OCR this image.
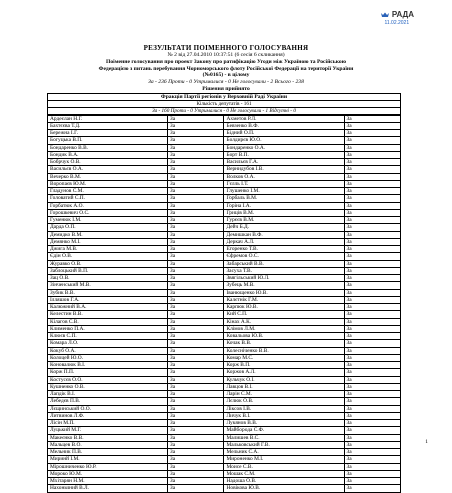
РАДА
11.02.2021
РЕЗУЛЬТАТИ ПОІМЕННОГО ГОЛОСУВАННЯ
№ 2 від 27.04.2010 10:37:51 (6 сесія 6 скликання)
Поіменне голосування про проект Закону про ратифікацію Угоди між Україною та Російською
Федерацією з питань перебування Чорноморського флоту Російської Федерації на території України
(№0165) - в цілому
За - 236 Проти - 0 Утрималися - 0 Не голосували - 2 Всього - 238
Рішення прийнято
Фракція Партії регіонів у Верховній Раді України
Кількість депутатів - 161
За - 160 Проти - 0 Утрималися - 0 Не голосували - 1 Відсутні - 0
Ардеєлан Н.Г.	За	Ахметов Р.Л.	За
Бахтєєва Т.Д.	За	Бевзенко В.Ф.	За
Бережна І.Г.	За	Бідний О.П.	За
Богуцька В.П.	За	Болдирєв Ю.О.	За
Бондаренко В.В.	За	Бондаренко О.А.	За
Бондик В.А.	За	Борт В.П.	За
Бобрчук О.В.	За	Васильєв Г.А.	За
Васильєв О.А.	За	Вернидубов І.В.	За
Вечерко В.М.	За	Волков О.А.	За
Воропаєв Ю.М.	За	Гєлль І.Т.	За
Гладунов С.М.	За	Глушенко І.М.	За
Головатий С.П.	За	Горбаль В.М.	За
Горбатюк А.О.	За	Горіна І.А.	За
Горошкевич О.С.	За	Гриців В.М.	За
Гуменюк І.М.	За	Гурєєв В.М.	За
Дарда О.П.	За	Дейч Б.Д.	За
Демидко В.М.	За	Демишкан В.Ф.	За
Демянко М.І.	За	Деркач А.Л.	За
Джига М.В.	За	Егоренко Т.В.	За
Єдін О.В.	За	Єфремов О.С.	За
Журавко О.В.	За	Забарський В.В.	За
Заблоцький В.П.	За	Засуха Т.В.	За
Зац О.В.	За	Звягільський Ю.Л.	За
Зінченський М.В.	За	Зубець М.В.	За
Зубик В.В.	За	Іванющенко Ю.В.	За
Ілляшов Г.А.	За	Калєтнік Г.М.	За
Калюжний В.А.	За	Карпюк Ю.В.	За
Келестин В.В.	За	Кий С.П.	За
Кілагов С.В.	За	Кінах А.К.	За
Клименко П.А.	За	Клімов Л.М.	За
Клюєв С.П.	За	Ковальова Ю.В.	За
Комара Л.О.	За	Кочак В.В.	За
Кокуб О.А.	За	Колесніченко В.В.	За
Колоцей Ю.О.	За	Комар М.С.	За
Коновалюк В.І.	За	Корж В.П.	За
Корж П.П.	За	Коржов А.Л.	За
Костусєв О.О.	За	Кульчук О.І.	За
Кушненко О.В.	За	Лавцов В.І.	За
Лапдік В.І.	За	Ларін С.М.	За
Лебедєв П.В.	За	Лєлюк О.В.	За
Лєщинський О.О.	За	Ліксов І.В.	За
Литвинов Л.Ф.	За	Личук В.І.	За
Лісін М.П.	За	Лукянов В.В.	За
Луцький М.Г.	За	Майборода С.Ф.	За
Макеєнко В.В.	За	Малишев В.С.	За
Мальцев В.О.	За	Мальковський Г.В.	За
Мельник П.В.	За	Мельник С.А.	За
Миринй І.М.	За	Мироненко М.І.	За
Мірошниченко Ю.Р.	За	Моисе С.В.	За
Мороко Ю.М.	За	Мошак С.М.	За
Мхітарян Н.М.	За	Надоша О.В.	За
Нахоньчний В.Л.	За	Новікова Ю.В.	За
1
